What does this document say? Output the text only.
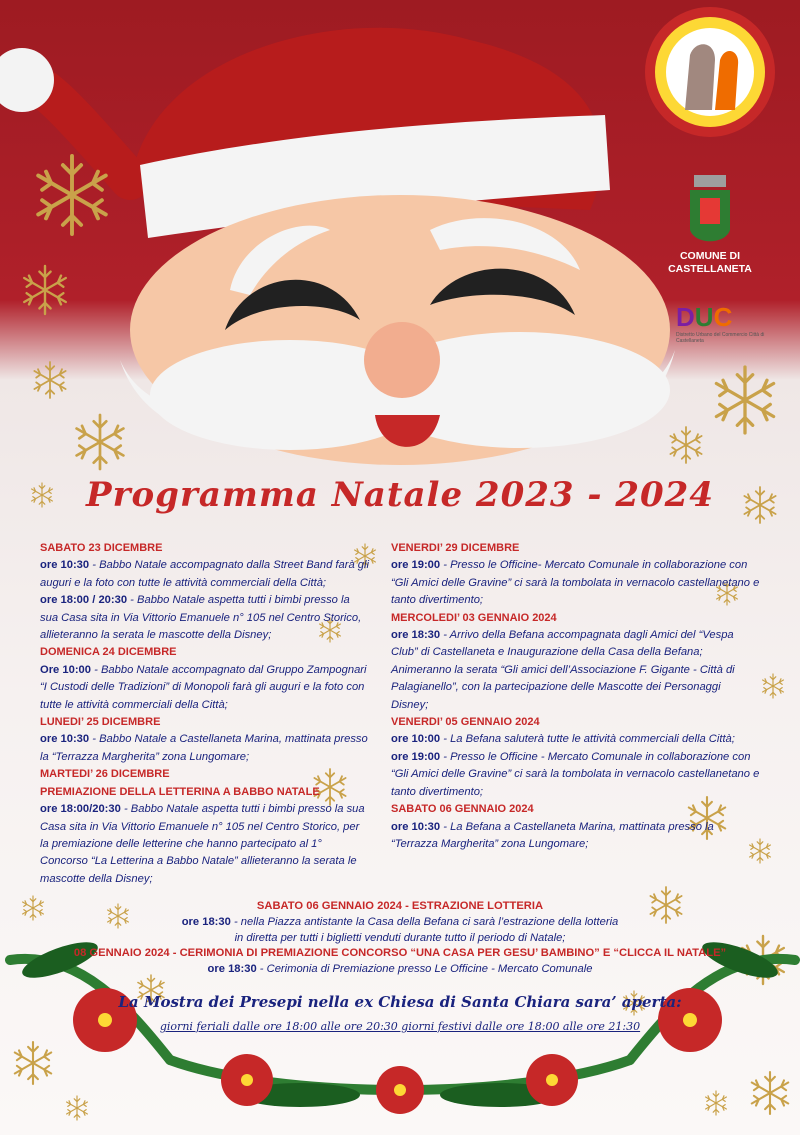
COMUNE DI
CASTELLANETA
DUC
Distretto Urbano del Commercio Città di Castellaneta
Programma Natale 2023 - 2024
SABATO 23 DICEMBRE
ore 10:30 - Babbo Natale accompagnato dalla Street Band farà gli auguri e la foto con tutte le attività commerciali della Città;
ore 18:00 / 20:30 - Babbo Natale aspetta tutti i bimbi presso la sua Casa sita in Via Vittorio Emanuele n° 105 nel Centro Storico, allieteranno la serata le mascotte della Disney;
DOMENICA 24 DICEMBRE
Ore 10:00 - Babbo Natale accompagnato dal Gruppo Zampognari “I Custodi delle Tradizioni” di Monopoli farà gli auguri e la foto con tutte le attività commerciali della Città;
LUNEDI’ 25 DICEMBRE
ore 10:30 - Babbo Natale a Castellaneta Marina, mattinata presso la “Terrazza Margherita” zona Lungomare;
MARTEDI’ 26 DICEMBRE
PREMIAZIONE DELLA LETTERINA A BABBO NATALE
ore 18:00/20:30 - Babbo Natale aspetta tutti i bimbi presso la sua Casa sita in Via Vittorio Emanuele n° 105 nel Centro Storico, per la premiazione delle letterine che hanno partecipato al 1° Concorso “La Letterina a Babbo Natale” allieteranno la serata le mascotte della Disney;
VENERDI’ 29 DICEMBRE
ore 19:00 - Presso le Officine- Mercato Comunale in collaborazione con “Gli Amici delle Gravine” ci sarà la tombolata in vernacolo castellanetano e tanto divertimento;
MERCOLEDI’ 03 GENNAIO 2024
ore 18:30 - Arrivo della Befana accompagnata dagli Amici del “Vespa Club” di Castellaneta e Inaugurazione della Casa della Befana; Animeranno la serata “Gli amici dell’Associazione F. Gigante - Città di Palagianello”, con la partecipazione delle Mascotte dei Personaggi Disney;
VENERDI’ 05 GENNAIO 2024
ore 10:00 - La Befana saluterà tutte le attività commerciali della Città;
ore 19:00 - Presso le Officine - Mercato Comunale in collaborazione con “Gli Amici delle Gravine” ci sarà la tombolata in vernacolo castellanetano e tanto divertimento;
SABATO 06 GENNAIO 2024
ore 10:30 - La Befana a Castellaneta Marina, mattinata presso la “Terrazza Margherita” zona Lungomare;
SABATO 06 GENNAIO 2024 - ESTRAZIONE LOTTERIA
ore 18:30 - nella Piazza antistante la Casa della Befana ci sarà l’estrazione della lotteria
in diretta per tutti i biglietti venduti durante tutto il periodo di Natale;
08 GENNAIO 2024 - CERIMONIA DI PREMIAZIONE CONCORSO “UNA CASA PER GESU’ BAMBINO” E “CLICCA IL NATALE”
ore 18:30 - Cerimonia di Premiazione presso Le Officine - Mercato Comunale
La Mostra dei Presepi nella ex Chiesa di Santa Chiara sara’ aperta:
giorni feriali dalle ore 18:00 alle ore 20:30 giorni festivi dalle ore 18:00 alle ore 21:30
